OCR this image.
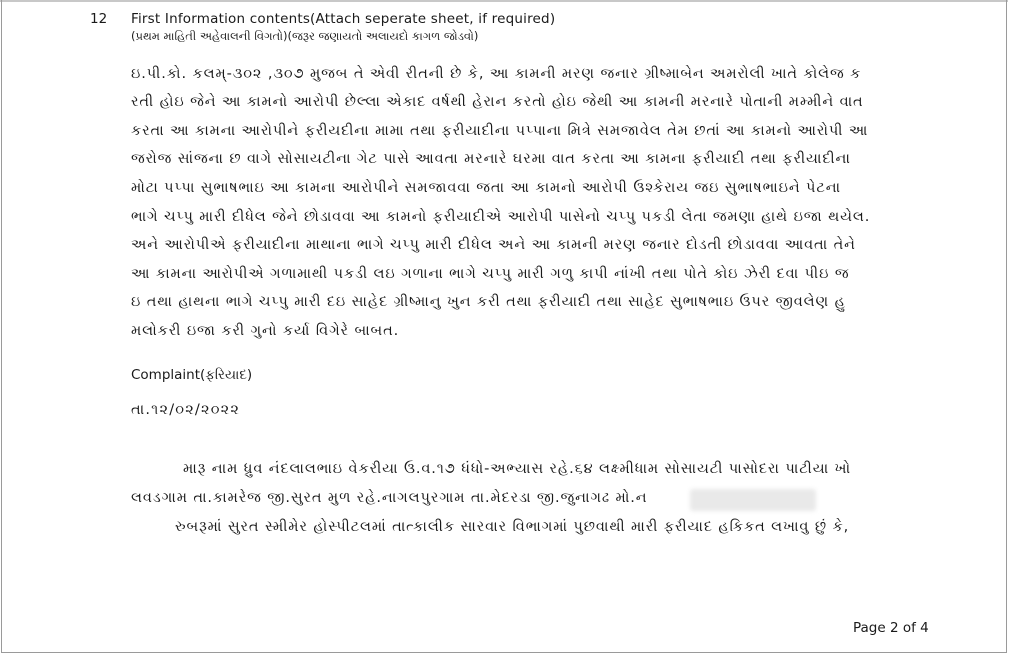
12 First Information contents(Attach seperate sheet, if required)
(પ્રથમ માહિતી અહેવાલની વિગતો)(જરૂર જણાયતો અલાયદો કાગળ જોડવો)
ઇ.પી.કો. કલમ્-૩૦૨ ,૩૦૭ મુજબ તે એવી રીતની છે કે, આ કામની મરણ જનાર ગ્રીષ્માબેન અમરોલી ખાતે કોલેજ ક
રતી હોઇ જેને આ કામનો આરોપી છેલ્લા એકાદ વર્ષથી હેરાન કરતો હોઇ જેથી આ કામની મરનારે પોતાની મમ્મીને વાત
કરતા આ કામના આરોપીને ફરીયદીના મામા તથા ફરીયાદીના પપ્પાના મિત્રે સમજાવેલ તેમ છતાં આ કામનો આરોપી આ
જરોજ સાંજના છ વાગે સોસાયટીના ગેટ પાસે આવતા મરનારે ઘરમા વાત કરતા આ કામના ફરીયાદી તથા ફરીયાદીના
મોટા પપ્પા સુભાષભાઇ આ કામના આરોપીને સમજાવવા જતા આ કામનો આરોપી ઉશ્કેરાય જઇ સુભાષભાઇને પેટના
ભાગે ચપ્પુ મારી દીધેલ જેને છોડાવવા આ કામનો ફરીયાદીએ આરોપી પાસેનો ચપ્પુ પકડી લેતા જમણા હાથે ઇજા થયેલ.
અને આરોપીએ ફરીયાદીના માથાના ભાગે ચપ્પુ મારી દીધેલ અને આ કામની મરણ જનાર દોડતી છોડાવવા આવતા તેને
આ કામના આરોપીએ ગળામાથી પકડી લઇ ગળાના ભાગે ચપ્પુ મારી ગળુ કાપી નાંખી તથા પોતે કોઇ ઝેરી દવા પીઇ જ
ઇ તથા હાથના ભાગે ચપ્પુ મારી દઇ સાહેદ ગ્રીષ્માનુ ખુન કરી તથા ફરીયાદી તથા સાહેદ સુભાષભાઇ ઉપર જીવલેણ હુ
મલોકરી ઇજા કરી ગુનો કર્યા વિગેરે બાબત.
Complaint(ફરિયાદ)
તા.૧૨/૦૨/૨૦૨૨
મારૂ નામ ધ્રુવ નંદલાલભાઇ વેકરીયા ઉ.વ.૧૭ ધંધો-અભ્યાસ રહે.૬૪ લક્ષ્મીધામ સોસાયટી પાસોદરા પાટીયા ખો
લવડગામ તા.કામરેજ જી.સુરત મુળ રહે.નાગલપુરગામ તા.મેદરડા જી.જુનાગઢ મો.ન
રુબરૂમાં સુરત સ્મીમેર હોસ્પીટલમાં તાત્કાલીક સારવાર વિભાગમાં પુછવાથી મારી ફરીયાદ હકિકત લખાવુ છું કે,
Page 2 of 4
